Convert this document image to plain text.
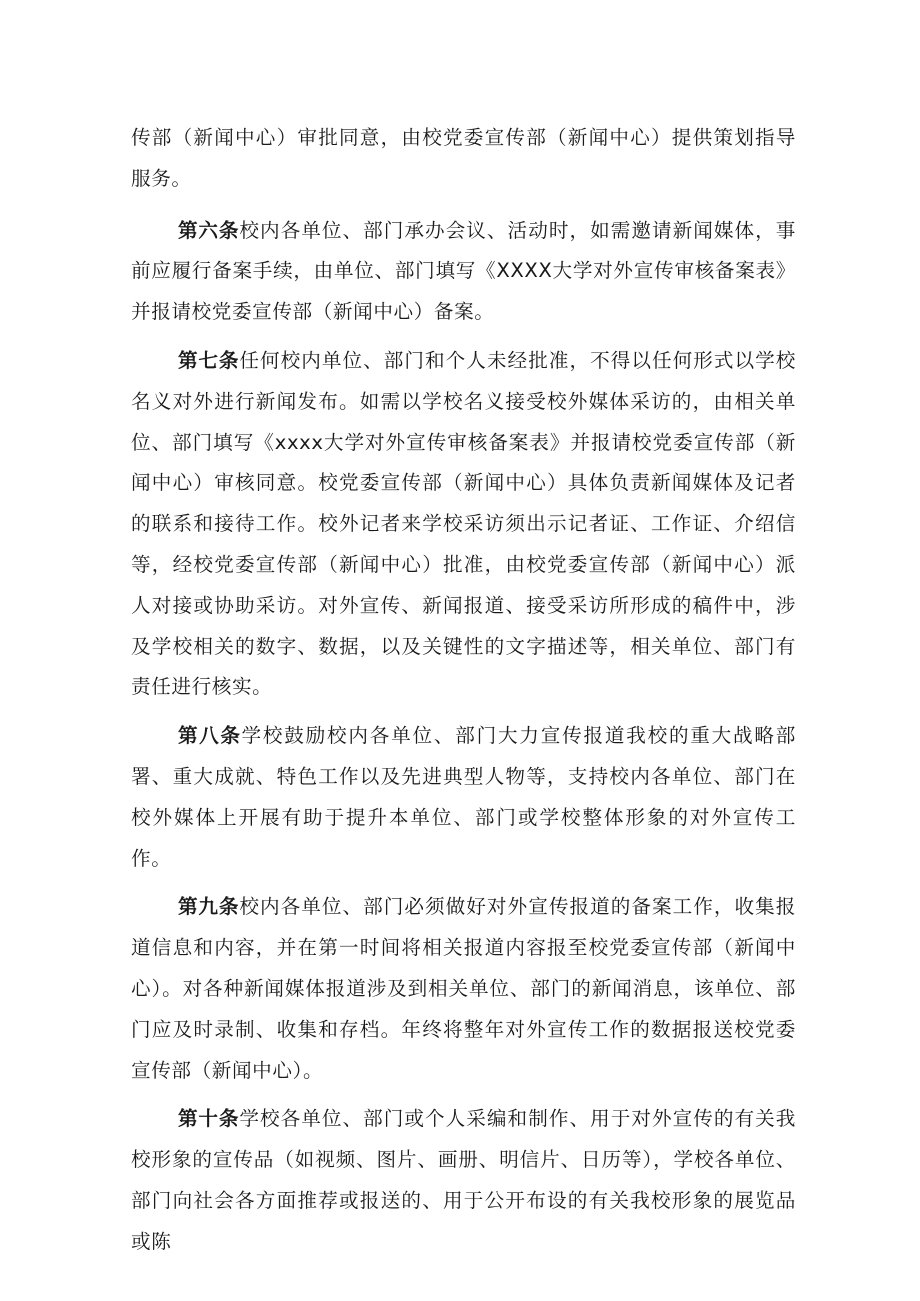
传部（新闻中心）审批同意，由校党委宣传部（新闻中心）提供策划指导服务。

第六条校内各单位、部门承办会议、活动时，如需邀请新闻媒体，事前应履行备案手续，由单位、部门填写《XXXX大学对外宣传审核备案表》并报请校党委宣传部（新闻中心）备案。

第七条任何校内单位、部门和个人未经批准，不得以任何形式以学校名义对外进行新闻发布。如需以学校名义接受校外媒体采访的，由相关单位、部门填写《xxxx大学对外宣传审核备案表》并报请校党委宣传部（新闻中心）审核同意。校党委宣传部（新闻中心）具体负责新闻媒体及记者的联系和接待工作。校外记者来学校采访须出示记者证、工作证、介绍信等，经校党委宣传部（新闻中心）批准，由校党委宣传部（新闻中心）派人对接或协助采访。对外宣传、新闻报道、接受采访所形成的稿件中，涉及学校相关的数字、数据，以及关键性的文字描述等，相关单位、部门有责任进行核实。

第八条学校鼓励校内各单位、部门大力宣传报道我校的重大战略部署、重大成就、特色工作以及先进典型人物等，支持校内各单位、部门在校外媒体上开展有助于提升本单位、部门或学校整体形象的对外宣传工作。

第九条校内各单位、部门必须做好对外宣传报道的备案工作，收集报道信息和内容，并在第一时间将相关报道内容报至校党委宣传部（新闻中心）。对各种新闻媒体报道涉及到相关单位、部门的新闻消息，该单位、部门应及时录制、收集和存档。年终将整年对外宣传工作的数据报送校党委宣传部（新闻中心）。

第十条学校各单位、部门或个人采编和制作、用于对外宣传的有关我校形象的宣传品（如视频、图片、画册、明信片、日历等），学校各单位、部门向社会各方面推荐或报送的、用于公开布设的有关我校形象的展览品或陈
